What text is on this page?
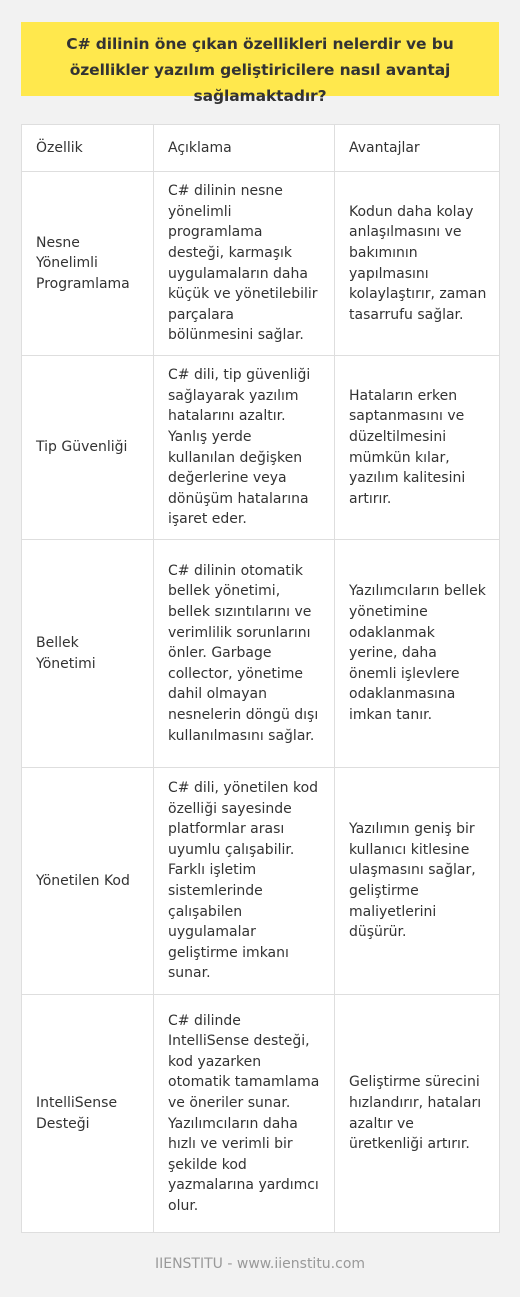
C# dilinin öne çıkan özellikleri nelerdir ve bu özellikler yazılım geliştiricilere nasıl avantaj sağlamaktadır?
Özellik	Açıklama	Avantajlar
Nesne Yönelimli Programlama
C# dilinin nesne yönelimli programlama desteği, karmaşık uygulamaların daha küçük ve yönetilebilir parçalara bölünmesini sağlar.
Kodun daha kolay anlaşılmasını ve bakımının yapılmasını kolaylaştırır, zaman tasarrufu sağlar.
Tip Güvenliği
C# dili, tip güvenliği sağlayarak yazılım hatalarını azaltır. Yanlış yerde kullanılan değişken değerlerine veya dönüşüm hatalarına işaret eder.
Hataların erken saptanmasını ve düzeltilmesini mümkün kılar, yazılım kalitesini artırır.
Bellek Yönetimi
C# dilinin otomatik bellek yönetimi, bellek sızıntılarını ve verimlilik sorunlarını önler. Garbage collector, yönetime dahil olmayan nesnelerin döngü dışı kullanılmasını sağlar.
Yazılımcıların bellek yönetimine odaklanmak yerine, daha önemli işlevlere odaklanmasına imkan tanır.
Yönetilen Kod
C# dili, yönetilen kod özelliği sayesinde platformlar arası uyumlu çalışabilir. Farklı işletim sistemlerinde çalışabilen uygulamalar geliştirme imkanı sunar.
Yazılımın geniş bir kullanıcı kitlesine ulaşmasını sağlar, geliştirme maliyetlerini düşürür.
IntelliSense Desteği
C# dilinde IntelliSense desteği, kod yazarken otomatik tamamlama ve öneriler sunar. Yazılımcıların daha hızlı ve verimli bir şekilde kod yazmalarına yardımcı olur.
Geliştirme sürecini hızlandırır, hataları azaltır ve üretkenliği artırır.
IIENSTITU - www.iienstitu.com
